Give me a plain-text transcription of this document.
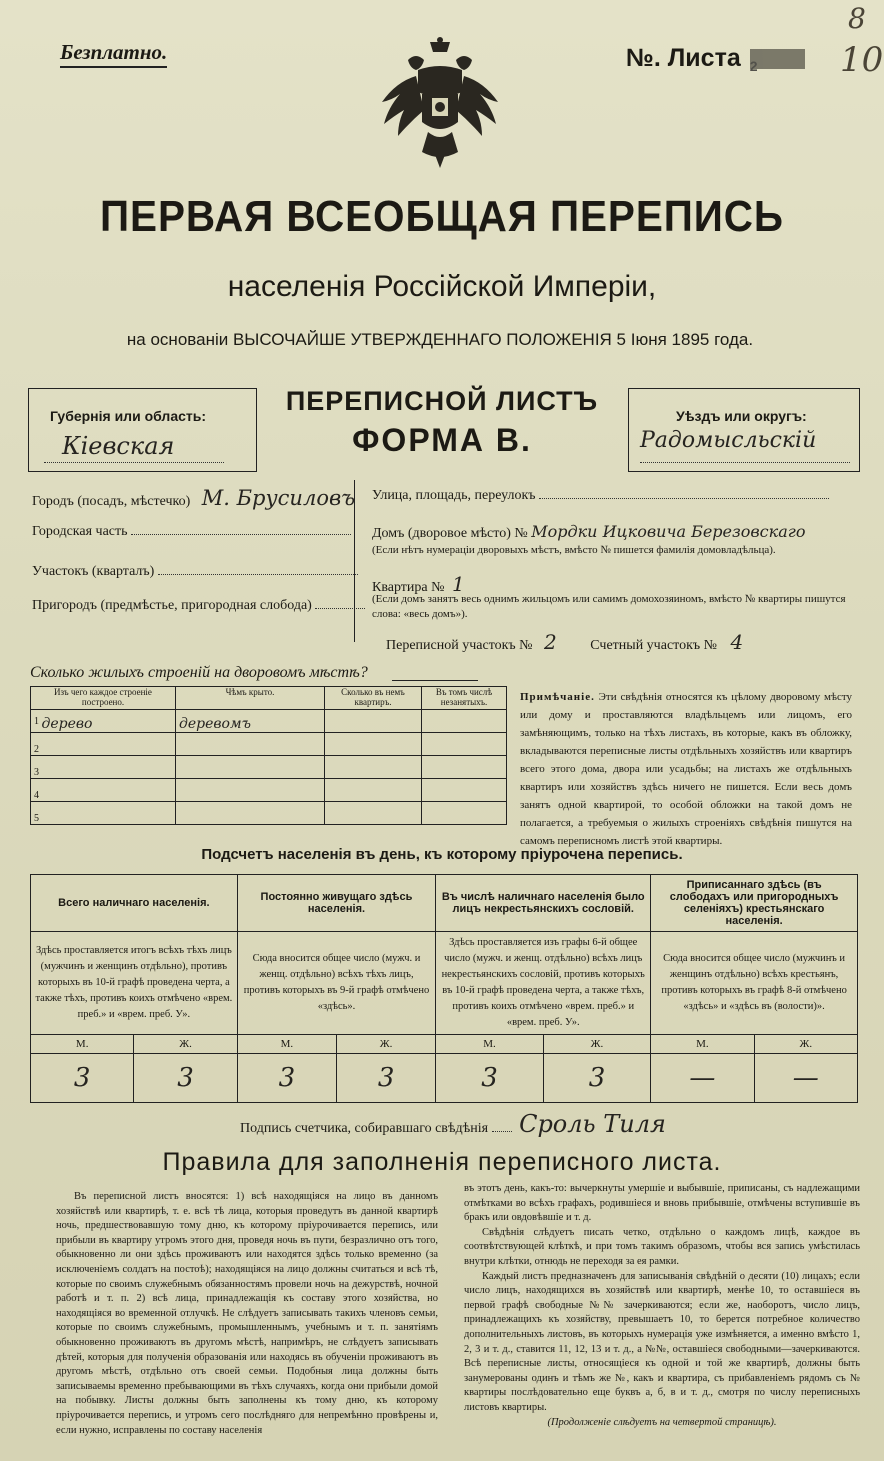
Безплатно.	№. Листа 2
8
10
ПЕРВАЯ ВСЕОБЩАЯ ПЕРЕПИСЬ
населенія Россійской Имперіи,
на основаніи ВЫСОЧАЙШЕ УТВЕРЖДЕННАГО ПОЛОЖЕНІЯ 5 Іюня 1895 года.
Губернія или область:
Кіевская
ПЕРЕПИСНОЙ ЛИСТЪ
ФОРМА В.
Уѣздъ или округъ:
Радомысльскій
Городъ (посадъ, мѣстечко) М. Брусиловъ
Городская часть
Участокъ (кварталъ)
Пригородъ (предмѣстье, пригородная слобода)
Улица, площадь, переулокъ
Домъ (дворовое мѣсто) № Мордки Ицковича Березовскаго
(Если нѣтъ нумераціи дворовыхъ мѣстъ, вмѣсто № пишется фамилія домовладѣльца).
Квартира № 1
(Если домъ занятъ весь однимъ жильцомъ или самимъ домохозяиномъ, вмѣсто № квартиры пишутся слова: «весь домъ»).
Переписной участокъ № 2 Счетный участокъ № 4
Сколько жилыхъ строеній на дворовомъ мѣстѣ?
Изъ чего каждое строеніе построено.	Чѣмъ крыто.	Сколько въ немъ квартиръ.	Въ томъ числѣ незанятыхъ.
1 дерево	деревомъ		
2			
3			
4			
5			
Примѣчаніе. Эти свѣдѣнія относятся къ цѣлому дворовому мѣсту или дому и проставляются владѣльцемъ или лицомъ, его замѣняющимъ, только на тѣхъ листахъ, въ которые, какъ въ обложку, вкладываются переписные листы отдѣльныхъ хозяйствъ или квартиръ всего этого дома, двора или усадьбы; на листахъ же отдѣльныхъ квартиръ или хозяйствъ здѣсь ничего не пишется. Если весь домъ занятъ одной квартирой, то особой обложки на такой домъ не полагается, а требуемыя о жилыхъ строеніяхъ свѣдѣнія пишутся на самомъ переписномъ листѣ этой квартиры.
Подсчетъ населенія въ день, къ которому пріурочена перепись.
Всего наличнаго населенія.		Постоянно живущаго здѣсь населенія.		Въ числѣ наличнаго населенія было лицъ некрестьянскихъ сословій.		Приписаннаго здѣсь (въ слободахъ или пригородныхъ селеніяхъ) крестьянскаго населенія.	
Здѣсь проставляется итогъ всѣхъ тѣхъ лицъ (мужчинъ и женщинъ отдѣльно), противъ которыхъ въ 10-й графѣ проведена черта, а также тѣхъ, противъ коихъ отмѣчено «врем. преб.» и «врем. преб. У».		Сюда вносится общее число (мужч. и женщ. отдѣльно) всѣхъ тѣхъ лицъ, противъ которыхъ въ 9-й графѣ отмѣчено «здѣсь».		Здѣсь проставляется изъ графы 6-й общее число (мужч. и женщ. отдѣльно) всѣхъ лицъ некрестьянскихъ сословій, противъ которыхъ въ 10-й графѣ проведена черта, а также тѣхъ, противъ коихъ отмѣчено «врем. преб.» и «врем. преб. У».		Сюда вносится общее число (мужчинъ и женщинъ отдѣльно) всѣхъ крестьянъ, противъ которыхъ въ графѣ 8-й отмѣчено «здѣсь» и «здѣсь въ (волости)».	
М.	Ж.	М.	Ж.	М.	Ж.	М.	Ж.
3	3	3	3	3	3	—	—
Подпись счетчика, собиравшаго свѣдѣнія Сроль Тиля
Правила для заполненія переписного листа.
Въ переписной листъ вносятся: 1) всѣ находящіяся на лицо въ данномъ хозяйствѣ или квартирѣ, т. е. всѣ тѣ лица, которыя проведутъ въ данной квартирѣ ночь, предшествовавшую тому дню, къ которому пріурочивается перепись, или прибыли въ квартиру утромъ этого дня, проведя ночь въ пути, безразлично отъ того, обыкновенно ли они здѣсь проживаютъ или находятся здѣсь только временно (за исключеніемъ солдатъ на постоѣ); находящіяся на лицо должны считаться и всѣ тѣ, которые по своимъ служебнымъ обязанностямъ провели ночь на дежурствѣ, ночной работѣ и т. п. 2) всѣ лица, принадлежащія къ составу этого хозяйства, но находящіяся во временной отлучкѣ. Не слѣдуетъ записывать такихъ членовъ семьи, которые по своимъ служебнымъ, промышленнымъ, учебнымъ и т. п. занятіямъ обыкновенно проживаютъ въ другомъ мѣстѣ, напримѣръ, не слѣдуетъ записывать дѣтей, которыя для полученія образованія или находясь въ обученіи проживаютъ въ другомъ мѣстѣ, отдѣльно отъ своей семьи. Подобныя лица должны быть записываемы временно пребывающими въ тѣхъ случаяхъ, когда они прибыли домой на побывку. Листы должны быть заполнены къ тому дню, къ которому пріурочивается перепись, и утромъ сего послѣдняго для непремѣнно провѣрены и, если нужно, исправлены по составу населенія
въ этотъ день, какъ-то: вычеркнуты умершіе и выбывшіе, приписаны, съ надлежащими отмѣтками во всѣхъ графахъ, родившіеся и вновь прибывшіе, отмѣчены вступившіе въ бракъ или овдовѣвшіе и т. д.
Свѣдѣнія слѣдуетъ писать четко, отдѣльно о каждомъ лицѣ, каждое въ соотвѣтствующей клѣткѣ, и при томъ такимъ образомъ, чтобы вся запись умѣстилась внутри клѣтки, отнюдь не переходя за ея рамки.
Каждый листъ предназначенъ для записыванія свѣдѣній о десяти (10) лицахъ; если число лицъ, находящихся въ хозяйствѣ или квартирѣ, менѣе 10, то оставшіеся въ первой графѣ свободные №№ зачеркиваются; если же, наоборотъ, число лицъ, принадлежащихъ къ хозяйству, превышаетъ 10, то берется потребное количество дополнительныхъ листовъ, въ которыхъ нумерація уже измѣняется, а именно вмѣсто 1, 2, 3 и т. д., ставится 11, 12, 13 и т. д., а №№, оставшіеся свободными—зачеркиваются. Всѣ переписные листы, относящіеся къ одной и той же квартирѣ, должны быть занумерованы одинъ и тѣмъ же №, какъ и квартира, съ прибавленіемъ рядомъ съ № квартиры послѣдовательно еще буквъ а, б, в и т. д., смотря по числу переписныхъ листовъ квартиры.
(Продолженіе слѣдуетъ на четвертой страницѣ).
